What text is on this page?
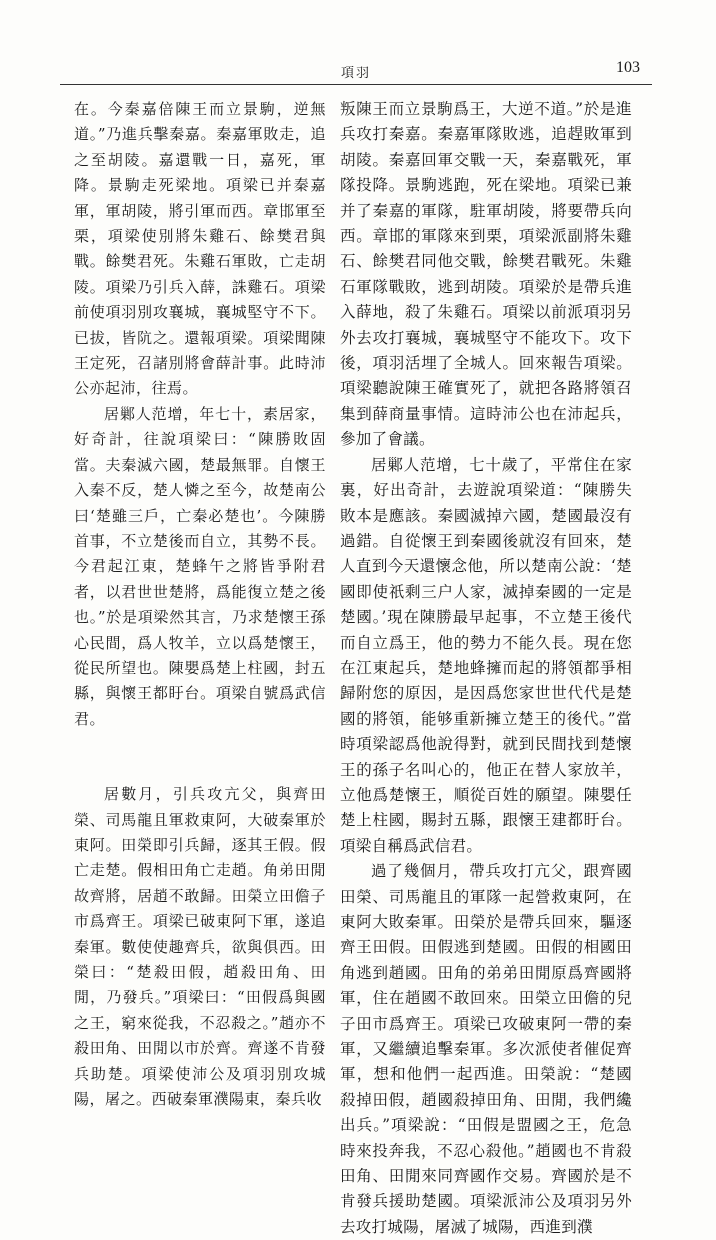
項羽	103

在。今秦嘉倍陳王而立景駒，逆無道。”乃進兵擊秦嘉。秦嘉軍敗走，追之至胡陵。嘉還戰一日，嘉死，軍降。景駒走死梁地。項梁已并秦嘉軍，軍胡陵，將引軍而西。章邯軍至栗，項梁使別將朱雞石、餘樊君與戰。餘樊君死。朱雞石軍敗，亡走胡陵。項梁乃引兵入薛，誅雞石。項梁前使項羽別攻襄城，襄城堅守不下。已拔，皆阬之。還報項梁。項梁聞陳王定死，召諸別將會薛計事。此時沛公亦起沛，往焉。

居鄛人范增，年七十，素居家，好奇計，往說項梁曰：“陳勝敗固當。夫秦滅六國，楚最無罪。自懷王入秦不反，楚人憐之至今，故楚南公曰‘楚雖三戶，亡秦必楚也’。今陳勝首事，不立楚後而自立，其勢不長。今君起江東，楚蜂午之將皆爭附君者，以君世世楚將，爲能復立楚之後也。”於是項梁然其言，乃求楚懷王孫心民間，爲人牧羊，立以爲楚懷王，從民所望也。陳嬰爲楚上柱國，封五縣，與懷王都盱台。項梁自號爲武信君。

居數月，引兵攻亢父，與齊田榮、司馬龍且軍救東阿，大破秦軍於東阿。田榮即引兵歸，逐其王假。假亡走楚。假相田角亡走趙。角弟田閒故齊將，居趙不敢歸。田榮立田儋子市爲齊王。項梁已破東阿下軍，遂追秦軍。數使使趣齊兵，欲與俱西。田榮曰：“楚殺田假，趙殺田角、田閒，乃發兵。”項梁曰：“田假爲與國之王，窮來從我，不忍殺之。”趙亦不殺田角、田閒以市於齊。齊遂不肯發兵助楚。項梁使沛公及項羽別攻城陽，屠之。西破秦軍濮陽東，秦兵收

叛陳王而立景駒爲王，大逆不道。”於是進兵攻打秦嘉。秦嘉軍隊敗逃，追趕敗軍到胡陵。秦嘉回軍交戰一天，秦嘉戰死，軍隊投降。景駒逃跑，死在梁地。項梁已兼并了秦嘉的軍隊，駐軍胡陵，將要帶兵向西。章邯的軍隊來到栗，項梁派副將朱雞石、餘樊君同他交戰，餘樊君戰死。朱雞石軍隊戰敗，逃到胡陵。項梁於是帶兵進入薛地，殺了朱雞石。項梁以前派項羽另外去攻打襄城，襄城堅守不能攻下。攻下後，項羽活埋了全城人。回來報告項梁。項梁聽說陳王確實死了，就把各路將領召集到薛商量事情。這時沛公也在沛起兵，參加了會議。

居鄛人范增，七十歲了，平常住在家裏，好出奇計，去遊說項梁道：“陳勝失敗本是應該。秦國滅掉六國，楚國最沒有過錯。自從懷王到秦國後就沒有回來，楚人直到今天還懷念他，所以楚南公說：‘楚國即使祇剩三户人家，滅掉秦國的一定是楚國。’現在陳勝最早起事，不立楚王後代而自立爲王，他的勢力不能久長。現在您在江東起兵，楚地蜂擁而起的將領都爭相歸附您的原因，是因爲您家世世代代是楚國的將領，能够重新擁立楚王的後代。”當時項梁認爲他說得對，就到民間找到楚懷王的孫子名叫心的，他正在替人家放羊，立他爲楚懷王，順從百姓的願望。陳嬰任楚上柱國，賜封五縣，跟懷王建都盱台。項梁自稱爲武信君。

過了幾個月，帶兵攻打亢父，跟齊國田榮、司馬龍且的軍隊一起營救東阿，在東阿大敗秦軍。田榮於是帶兵回來，驅逐齊王田假。田假逃到楚國。田假的相國田角逃到趙國。田角的弟弟田閒原爲齊國將軍，住在趙國不敢回來。田榮立田儋的兒子田市爲齊王。項梁已攻破東阿一帶的秦軍，又繼續追擊秦軍。多次派使者催促齊軍，想和他們一起西進。田榮說：“楚國殺掉田假，趙國殺掉田角、田閒，我們纔出兵。”項梁說：“田假是盟國之王，危急時來投奔我，不忍心殺他。”趙國也不肯殺田角、田閒來同齊國作交易。齊國於是不肯發兵援助楚國。項梁派沛公及項羽另外去攻打城陽，屠滅了城陽，西進到濮
